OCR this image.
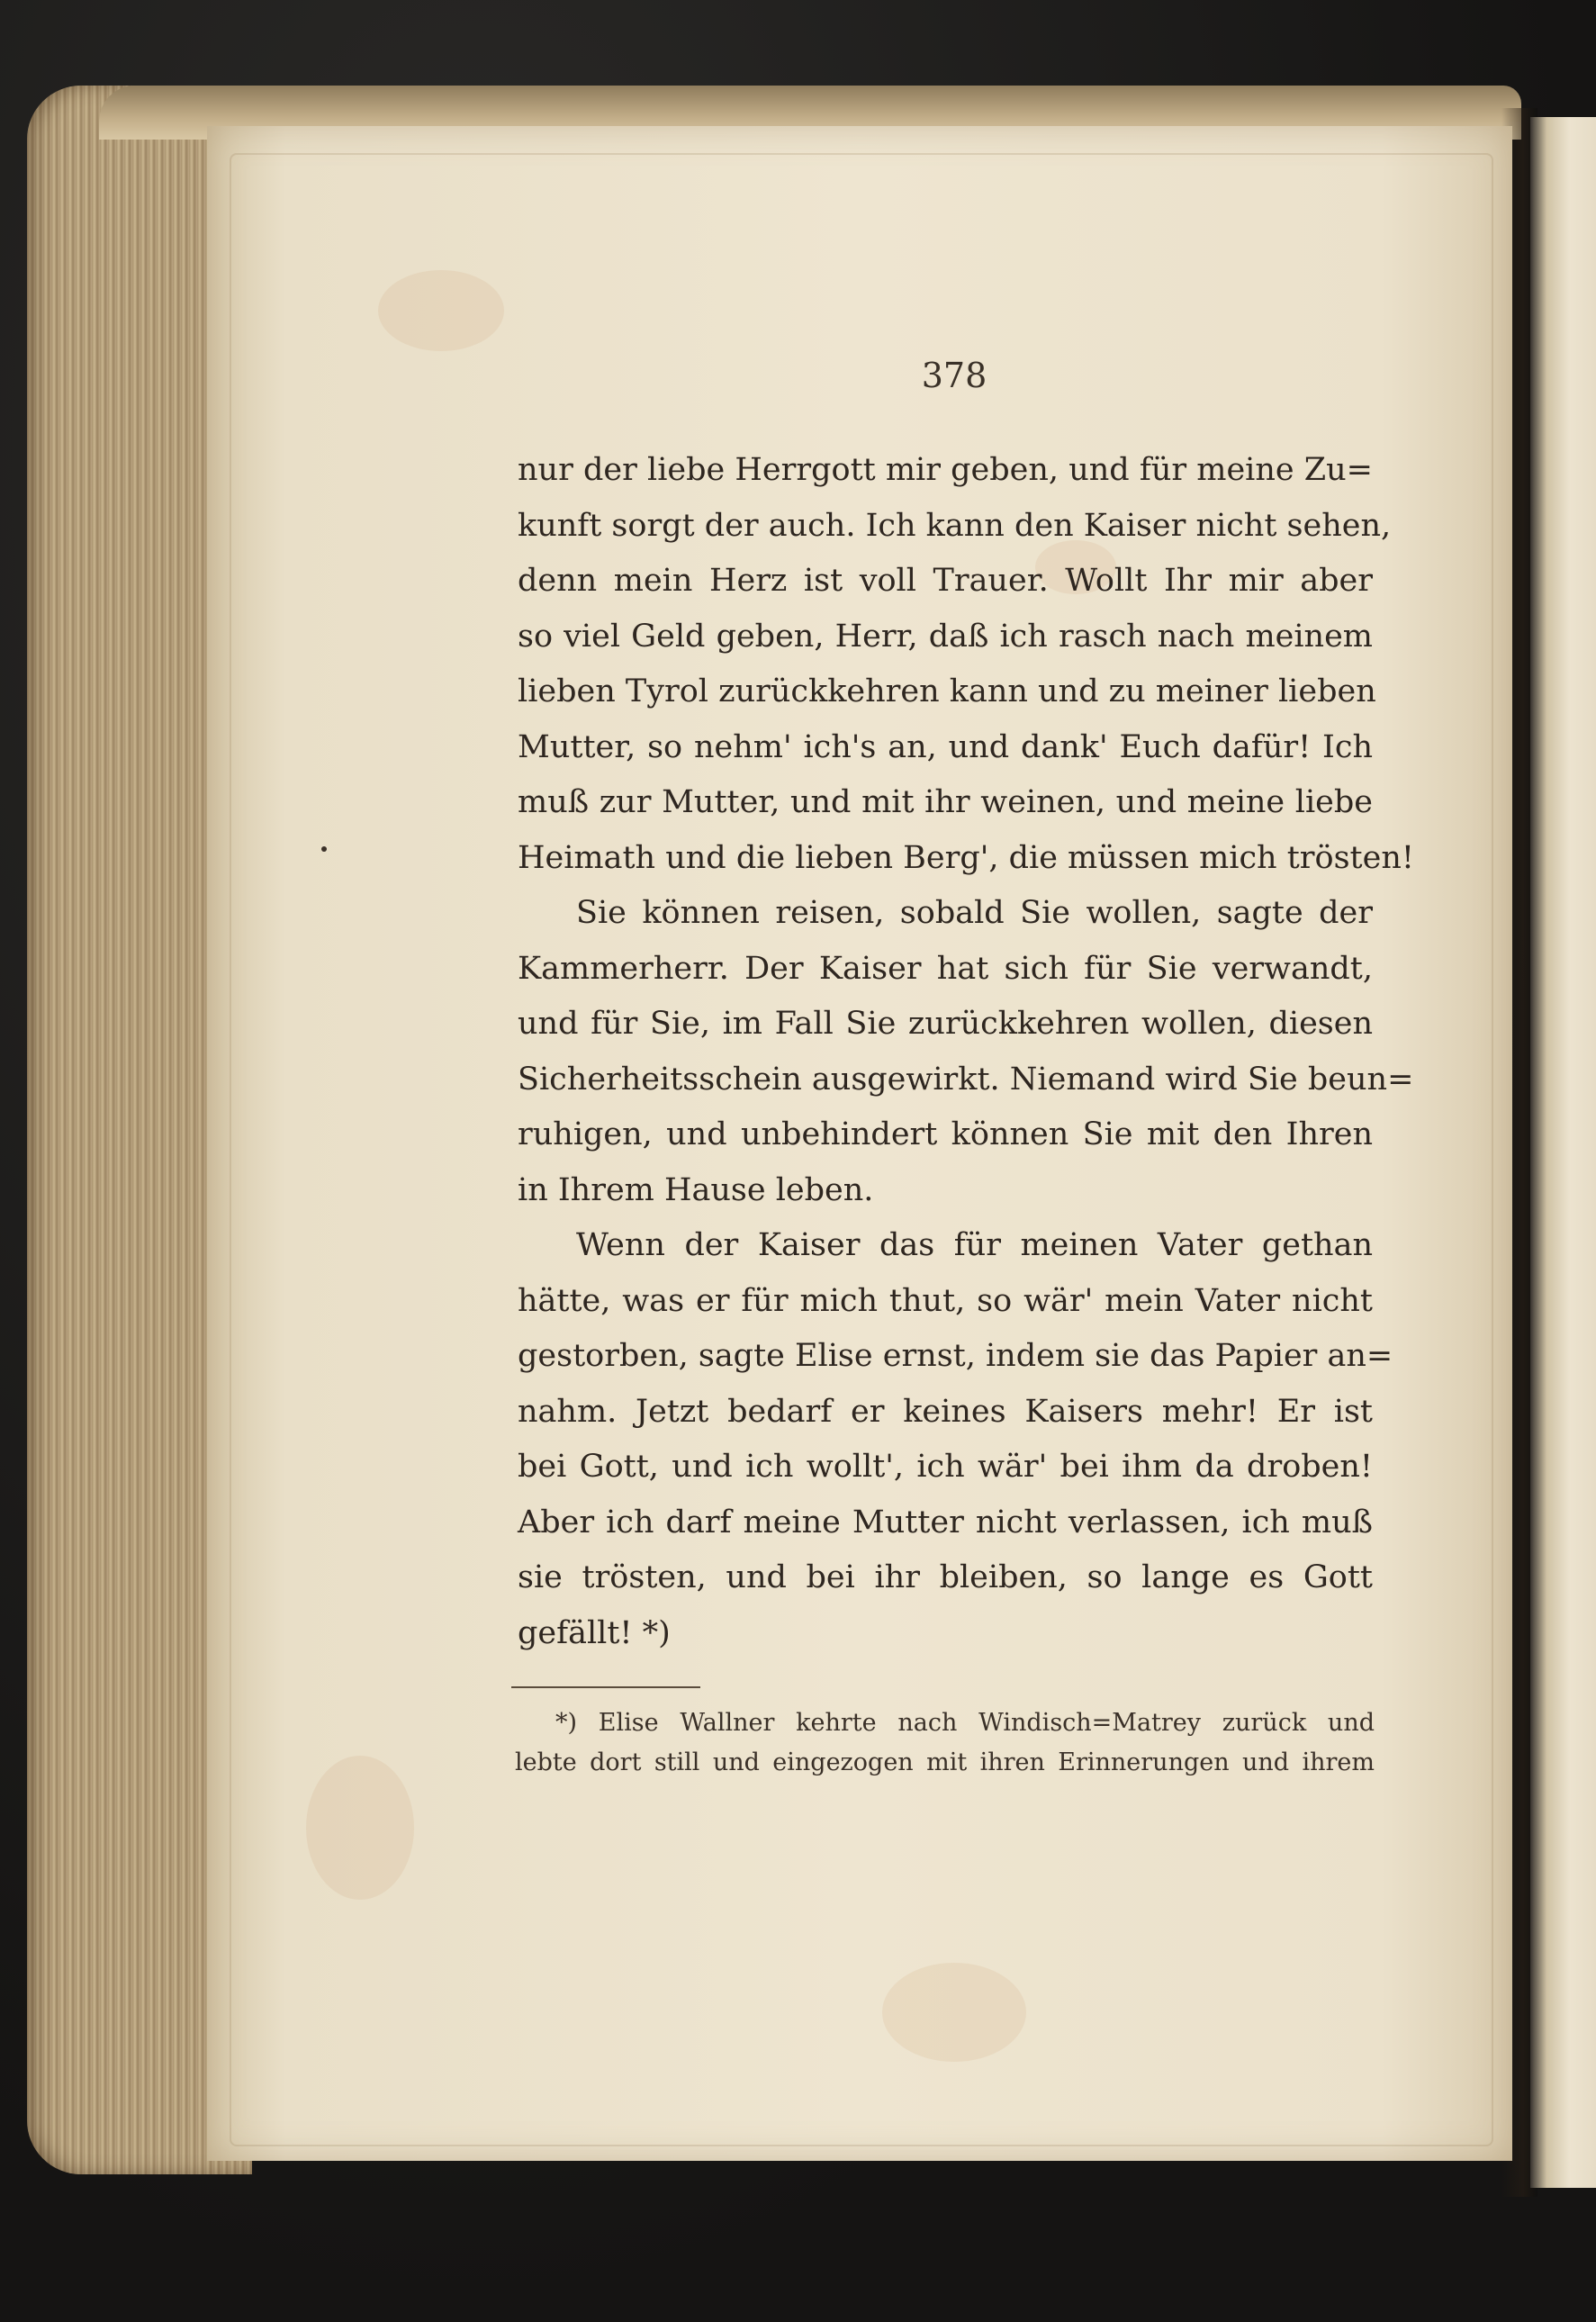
378
nur der liebe Herrgott mir geben, und für meine Zu=
kunft sorgt der auch. Ich kann den Kaiser nicht sehen,
denn mein Herz ist voll Trauer. Wollt Ihr mir aber
so viel Geld geben, Herr, daß ich rasch nach meinem
lieben Tyrol zurückkehren kann und zu meiner lieben
Mutter, so nehm' ich's an, und dank' Euch dafür! Ich
muß zur Mutter, und mit ihr weinen, und meine liebe
Heimath und die lieben Berg', die müssen mich trösten!
Sie können reisen, sobald Sie wollen, sagte der
Kammerherr. Der Kaiser hat sich für Sie verwandt,
und für Sie, im Fall Sie zurückkehren wollen, diesen
Sicherheitsschein ausgewirkt. Niemand wird Sie beun=
ruhigen, und unbehindert können Sie mit den Ihren
in Ihrem Hause leben.
Wenn der Kaiser das für meinen Vater gethan
hätte, was er für mich thut, so wär' mein Vater nicht
gestorben, sagte Elise ernst, indem sie das Papier an=
nahm. Jetzt bedarf er keines Kaisers mehr! Er ist
bei Gott, und ich wollt', ich wär' bei ihm da droben!
Aber ich darf meine Mutter nicht verlassen, ich muß
sie trösten, und bei ihr bleiben, so lange es Gott
gefällt! *)
*) Elise Wallner kehrte nach Windisch=Matrey zurück und
lebte dort still und eingezogen mit ihren Erinnerungen und ihrem
